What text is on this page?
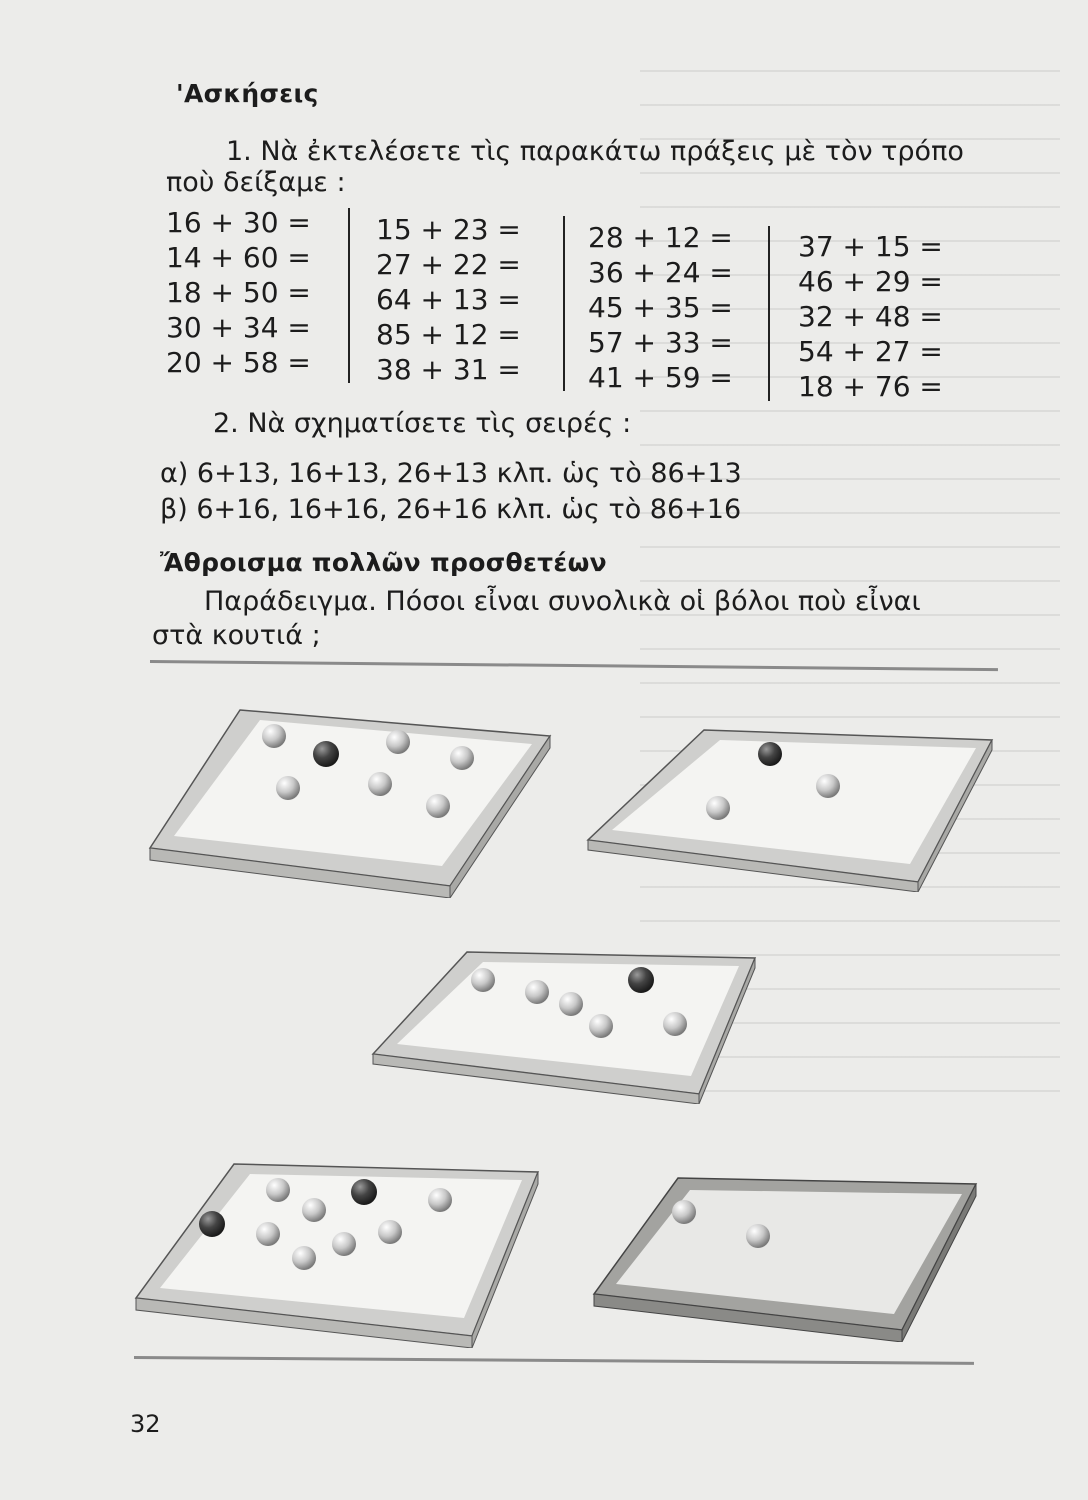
'Ασκήσεις
1. Νὰ ἐκτελέσετε τὶς παρακάτω πράξεις μὲ τὸν τρόπο
ποὺ δείξαμε :
16 + 30 =
14 + 60 =
18 + 50 =
30 + 34 =
20 + 58 =
15 + 23 =
27 + 22 =
64 + 13 =
85 + 12 =
38 + 31 =
28 + 12 =
36 + 24 =
45 + 35 =
57 + 33 =
41 + 59 =
37 + 15 =
46 + 29 =
32 + 48 =
54 + 27 =
18 + 76 =
2. Νὰ σχηματίσετε τὶς σειρές :
α) 6+13, 16+13, 26+13 κλπ. ὡς τὸ 86+13
β) 6+16, 16+16, 26+16 κλπ. ὡς τὸ 86+16
Ἄθροισμα πολλῶν προσθετέων
Παράδειγμα. Πόσοι εἶναι συνολικὰ οἱ βόλοι ποὺ εἶναι
στὰ κουτιά ;
32
